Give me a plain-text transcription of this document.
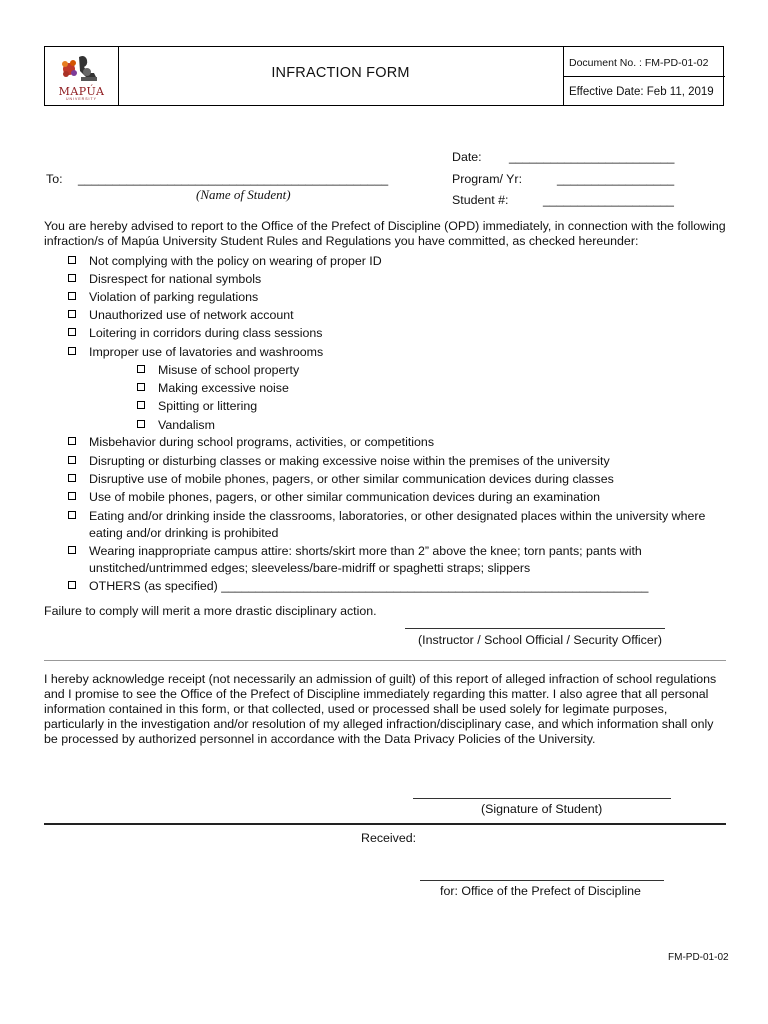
MAPÚA
UNIVERSITY
INFRACTION FORM
Document No. : FM-PD-01-02
Effective Date: Feb 11, 2019
Date: ________________________
To: _____________________________________________
(Name of Student)
Program/ Yr:	_________________
Student #:	___________________
You are hereby advised to report to the Office of the Prefect of Discipline (OPD) immediately, in connection with the following
infraction/s of Mapúa University Student Rules and Regulations you have committed, as checked hereunder:
Not complying with the policy on wearing of proper ID
Disrespect for national symbols
Violation of parking regulations
Unauthorized use of network account
Loitering in corridors during class sessions
Improper use of lavatories and washrooms
Misuse of school property
Making excessive noise
Spitting or littering
Vandalism
Misbehavior during school programs, activities, or competitions
Disrupting or disturbing classes or making excessive noise within the premises of the university
Disruptive use of mobile phones, pagers, or other similar communication devices during classes
Use of mobile phones, pagers, or other similar communication devices during an examination
Eating and/or drinking inside the classrooms, laboratories, or other designated places within the university where
eating and/or drinking is prohibited
Wearing inappropriate campus attire: shorts/skirt more than 2” above the knee; torn pants; pants with
unstitched/untrimmed edges; sleeveless/bare-midriff or spaghetti straps; slippers
OTHERS (as specified) ______________________________________________________________
Failure to comply will merit a more drastic disciplinary action.
(Instructor / School Official / Security Officer)
I hereby acknowledge receipt (not necessarily an admission of guilt) of this report of alleged infraction of school regulations
and I promise to see the Office of the Prefect of Discipline immediately regarding this matter. I also agree that all personal
information contained in this form, or that collected, used or processed shall be used solely for legimate purposes,
particularly in the investigation and/or resolution of my alleged infraction/disciplinary case, and which information shall only
be processed by authorized personnel in accordance with the Data Privacy Policies of the University.
(Signature of Student)
Received:
for: Office of the Prefect of Discipline
FM-PD-01-02
